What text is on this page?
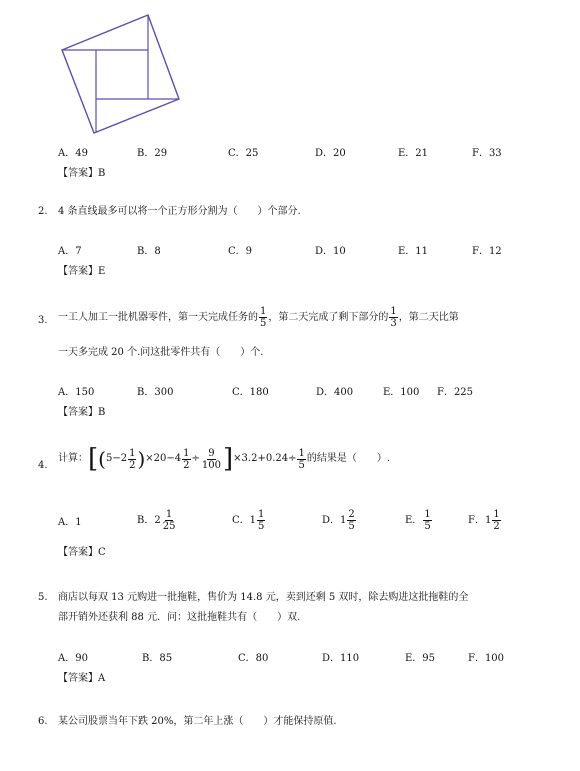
A．49	B．29	C．25	D．20	E．21	F．33
【答案】B
2. 4 条直线最多可以将一个正方形分割为（　　）个部分.
A．7	B．8	C．9	D．10	E．11	F．12
【答案】E
3. 一工人加工一批机器零件，第一天完成任务的 $\frac{1}{5}$ ，第二天完成了剩下部分的 $\frac{1}{3}$ ，第二天比第
一天多完成 20 个.问这批零件共有（　　）个.
A．150	B．300	C．180	D．400	E．100 F．225
【答案】B
4.
计算： [ ( $5 - 2 \frac{1}{2}$ ) $\times 20-4 \frac{1}{2} \div \frac{9}{100}$ ] $\times 3.2+0.24\div \frac{1}{5}$ 的结果是（　　）.
A．1	B． $2 \frac{1}{25}$	C． $1 \frac{1}{5}$	D． $1 \frac{2}{5}$	E． $\frac{1}{5}$	F． $1 \frac{1}{2}$
【答案】C
5. 商店以每双 13 元购进一批拖鞋，售价为 14.8 元，卖到还剩 5 双时，除去购进这批拖鞋的全
部开销外还获利 88 元．问：这批拖鞋共有（　　）双.
A．90	B．85	C．80	D．110	E．95	F．100
【答案】A
6. 某公司股票当年下跌 20%，第二年上涨（　　）才能保持原值.
